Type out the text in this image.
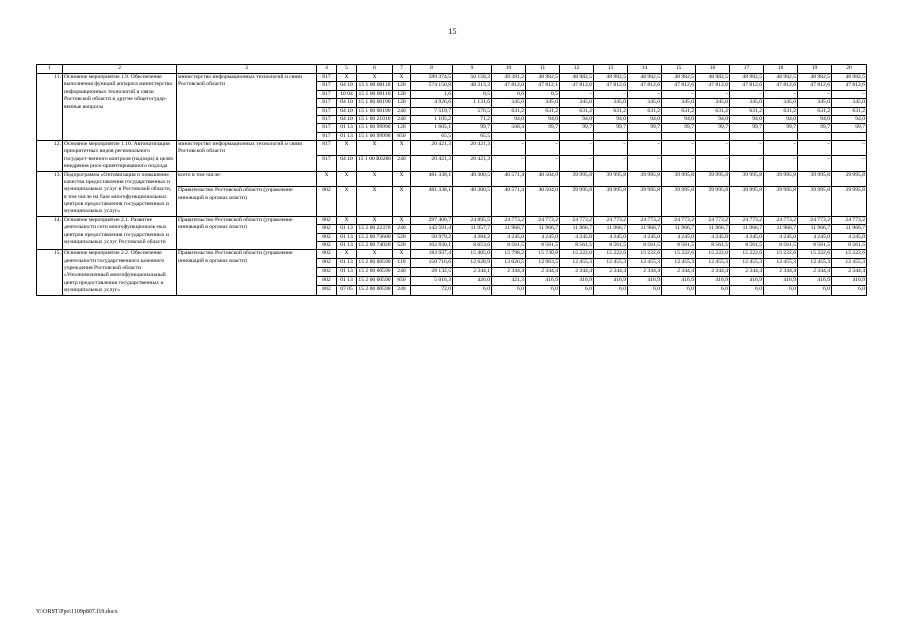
15
1	2	3	4	5	6	7	8	9	10	11	12	13	14	15	16	17	18	19	20
11.	Основное мероприятие 1.9. Обеспечение выполнения функций аппарата министерства информационных технологий и связи Ростовской области и другие общегосудар-венные вопросы	министерство информационных технологий и связи Ростовской области	817	X	X	X	589 374,5	50 158,3	49 391,2	48 982,5	48 982,5	48 982,5	48 982,5	48 982,5	48 982,5	48 982,5	48 982,5	48 982,5	48 982,5
			817	04 10	15 1 00 00110	120	574 150,8	48 213,3	47 812,0	47 812,1	47 812,6	47 812,6	47 812,6	47 812,6	47 812,6	47 812,6	47 812,6	47 812,6	47 812,6
			817	10 04	15 1 00 00110	120	1,6	0,5	0,6	0,5	–	–	–	–	–	–	–	–	–
			817	04 10	15 1 00 00190	120	4 926,6	1 131,6	345,0	345,0	345,0	345,0	345,0	345,0	345,0	345,0	345,0	345,0	345,0
			817	04 10	15 1 00 00190	240	7 519,7	576,5	631,2	631,2	631,2	631,2	631,2	631,2	631,2	631,2	631,2	631,2	631,2
			817	04 10	15 1 00 21010	240	1 105,2	71,2	94,0	94,0	94,0	94,0	94,0	94,0	94,0	94,0	94,0	94,0	94,0
			817	01 13	15 1 00 99990	120	1 605,1	99,7	508,4	99,7	99,7	99,7	99,7	99,7	99,7	99,7	99,7	99,7	99,7
			817	01 13	15 1 00 99990	850	65,5	65,5											
12.	Основное мероприятие 1.10. Автоматизация приоритетных видов регионального государст-венного контроля (надзора) в целях внедрения риск-ориентированного подхода	министерство информационных технологий и связи Ростовской области	817	X	X	X	20 421,3	20 421,3	–	–	–	–	–	–	–	–	–	–	–
			817	04 10	15 1 00 R0280	240	20 421,3	20 421,3	–	–	–	–	–	–	–	–	–	–	–
13.	Подпрограмма «Оптимизация и повышение качества предоставления государственных и муниципальных услуг в Ростовской области, в том числе на базе многофункциональных центров предоставления государственных и муниципальных услуг»	всего в том числе:	X	X	X	X	481 338,1	40 300,5	40 571,4	40 504,0	39 995,8	39 995,8	39 995,8	39 995,8	39 995,8	39 995,8	39 995,8	39 995,8	39 995,8
		Правительство Ростовской области (управление инноваций в органах власти)	802	X	X	X	481 338,1	40 300,5	40 571,4	40 504,0	39 995,8	39 995,8	39 995,8	39 995,8	39 995,8	39 995,8	39 995,8	39 995,8	39 995,8
14.	Основное мероприятие 2.1. Развитие деятельности сети многофункциональ-ных центров предоставления государственных и муниципальных услуг Ростовской области	Правительство Ростовской области (управление инноваций в органах власти)	802	X	X	X	297 400,7	24 895,5	24 773,2	24 773,2	24 773,2	24 773,2	24 773,2	24 773,2	24 773,2	24 773,2	24 773,2	24 773,2	24 773,2
			802	01 13	15 2 00 22370	240	143 591,4	11 957,7	11 966,7	11 966,7	11 966,7	11 966,7	11 966,7	11 966,7	11 966,7	11 966,7	11 966,7	11 966,7	11 966,7
			802	01 13	15 2 00 73600	520	50 979,2	4 284,2	4 245,0	4 245,0	4 245,0	4 245,0	4 245,0	4 245,0	4 245,0	4 245,0	4 245,0	4 245,0	4 245,0
			802	01 13	15 2 00 74020	520	102 830,1	8 653,6	8 561,5	8 561,5	8 561,5	8 561,5	8 561,5	8 561,5	8 561,5	8 561,5	8 561,5	8 561,5	8 561,5
15.	Основное мероприятие 2.2. Обеспечение деятельности государственного казенного учреждения Ростовской области «Уполномоченный многофункциональный центр предоставления государственных и муниципальных услуг»	Правительство Ростовской области (управление инноваций в органах власти)	802	X	X	X	183 937,4	15 405,0	15 798,2	15 730,8	15 222,6	15 222,6	15 222,6	15 222,6	15 222,6	15 222,6	15 222,6	15 222,6	15 222,6
			802	01 13	15 2 00 00590	110	150 716,6	12 628,9	13 026,5	12 963,5	12 455,3	12 455,3	12 455,3	12 455,3	12 455,3	12 455,3	12 455,3	12 455,3	12 455,3
			802	01 13	15 2 00 00590	240	28 132,5	2 344,1	2 344,4	2 344,4	2 344,4	2 344,4	2 344,4	2 344,4	2 344,4	2 344,4	2 344,4	2 344,4	2 344,4
			802	01 13	15 2 00 00590	850	5 016,3	426,0	421,3	416,9	416,9	416,9	416,9	416,9	416,9	416,9	416,9	416,9	416,9
			802	07 05	15 2 00 00590	240	72,0	6,0	6,0	6,0	6,0	6,0	6,0	6,0	6,0	6,0	6,0	6,0	6,0
Y:\ORST\Ppo\1109p807.f19.docx
